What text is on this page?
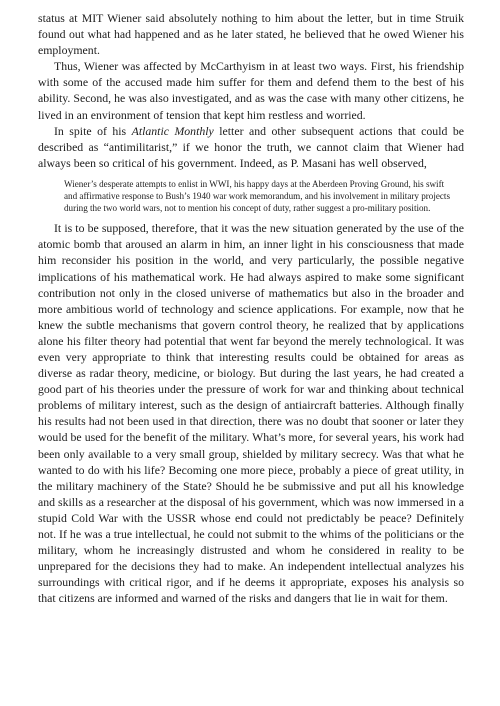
status at MIT Wiener said absolutely nothing to him about the letter, but in time Struik found out what had happened and as he later stated, he believed that he owed Wiener his employment.

Thus, Wiener was affected by McCarthyism in at least two ways. First, his friendship with some of the accused made him suffer for them and defend them to the best of his ability. Second, he was also investigated, and as was the case with many other citizens, he lived in an environment of tension that kept him restless and worried.

In spite of his Atlantic Monthly letter and other subsequent actions that could be described as “antimilitarist,” if we honor the truth, we cannot claim that Wiener had always been so critical of his government. Indeed, as P. Masani has well observed,

Wiener’s desperate attempts to enlist in WWI, his happy days at the Aberdeen Proving Ground, his swift and affirmative response to Bush’s 1940 war work memorandum, and his involvement in military projects during the two world wars, not to mention his concept of duty, rather suggest a pro-military position.

It is to be supposed, therefore, that it was the new situation generated by the use of the atomic bomb that aroused an alarm in him, an inner light in his consciousness that made him reconsider his position in the world, and very particularly, the possible negative implications of his mathematical work. He had always aspired to make some significant contribution not only in the closed universe of mathematics but also in the broader and more ambitious world of technology and science applications. For example, now that he knew the subtle mechanisms that govern control theory, he realized that by applications alone his filter theory had potential that went far beyond the merely technological. It was even very appropriate to think that interesting results could be obtained for areas as diverse as radar theory, medicine, or biology. But during the last years, he had created a good part of his theories under the pressure of work for war and thinking about technical problems of military interest, such as the design of antiaircraft batteries. Although finally his results had not been used in that direction, there was no doubt that sooner or later they would be used for the benefit of the military. What’s more, for several years, his work had been only available to a very small group, shielded by military secrecy. Was that what he wanted to do with his life? Becoming one more piece, probably a piece of great utility, in the military machinery of the State? Should he be submissive and put all his knowledge and skills as a researcher at the disposal of his government, which was now immersed in a stupid Cold War with the USSR whose end could not predictably be peace? Definitely not. If he was a true intellectual, he could not submit to the whims of the politicians or the military, whom he increasingly distrusted and whom he considered in reality to be unprepared for the decisions they had to make. An independent intellectual analyzes his surroundings with critical rigor, and if he deems it appropriate, exposes his analysis so that citizens are informed and warned of the risks and dangers that lie in wait for them.
